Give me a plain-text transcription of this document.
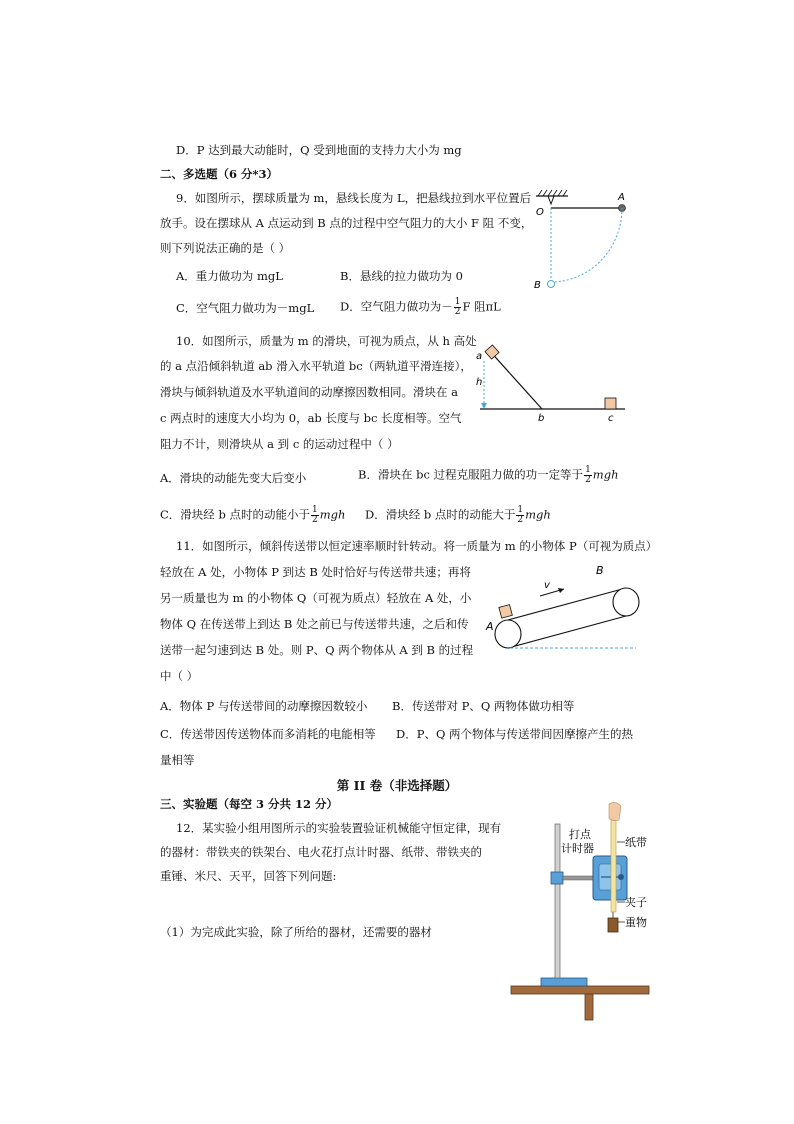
D．P 达到最大动能时，Q 受到地面的支持力大小为 mg
二、多选题（6 分*3）
9．如图所示，摆球质量为 m，悬线长度为 L，把悬线拉到水平位置后
放手。设在摆球从 A 点运动到 B 点的过程中空气阻力的大小 F 阻 不变，
则下列说法正确的是（ ）
A．重力做功为 mgL	B．悬线的拉力做功为 0
C．空气阻力做功为－mgL D．空气阻力做功为－ $\frac{1}{2}$ F 阻πL
O
A
B
10．如图所示，质量为 m 的滑块，可视为质点，从 h 高处
的 a 点沿倾斜轨道 ab 滑入水平轨道 bc（两轨道平滑连接），
滑块与倾斜轨道及水平轨道间的动摩擦因数相同。滑块在 a
c 两点时的速度大小均为 0，ab 长度与 bc 长度相等。空气
阻力不计，则滑块从 a 到 c 的运动过程中（ ）
A．滑块的动能先变大后变小	B．滑块在 bc 过程克服阻力做的功一定等于 $\frac{1}{2}$ mgh
C．滑块经 b 点时的动能小于 $\frac{1}{2}$ mgh D．滑块经 b 点时的动能大于 $\frac{1}{2}$ mgh
a
h
b	c
11．如图所示，倾斜传送带以恒定速率顺时针转动。将一质量为 m 的小物体 P（可视为质点）
轻放在 A 处，小物体 P 到达 B 处时恰好与传送带共速；再将
另一质量也为 m 的小物体 Q（可视为质点）轻放在 A 处，小
物体 Q 在传送带上到达 B 处之前已与传送带共速，之后和传
送带一起匀速到达 B 处。则 P、Q 两个物体从 A 到 B 的过程
中（ ）
A．物体 P 与传送带间的动摩擦因数较小 B．传送带对 P、Q 两物体做功相等
C．传送带因传送物体而多消耗的电能相等 D．P、Q 两个物体与传送带间因摩擦产生的热
量相等
v
A
B
第 II 卷（非选择题）
三、实验题（每空 3 分共 12 分）
12．某实验小组用图所示的实验装置验证机械能守恒定律，现有
的器材：带铁夹的铁架台、电火花打点计时器、纸带、带铁夹的
重锤、米尺、天平，回答下列问题:
（1）为完成此实验，除了所给的器材，还需要的器材
打点
计时器	纸带
夹子
重物
